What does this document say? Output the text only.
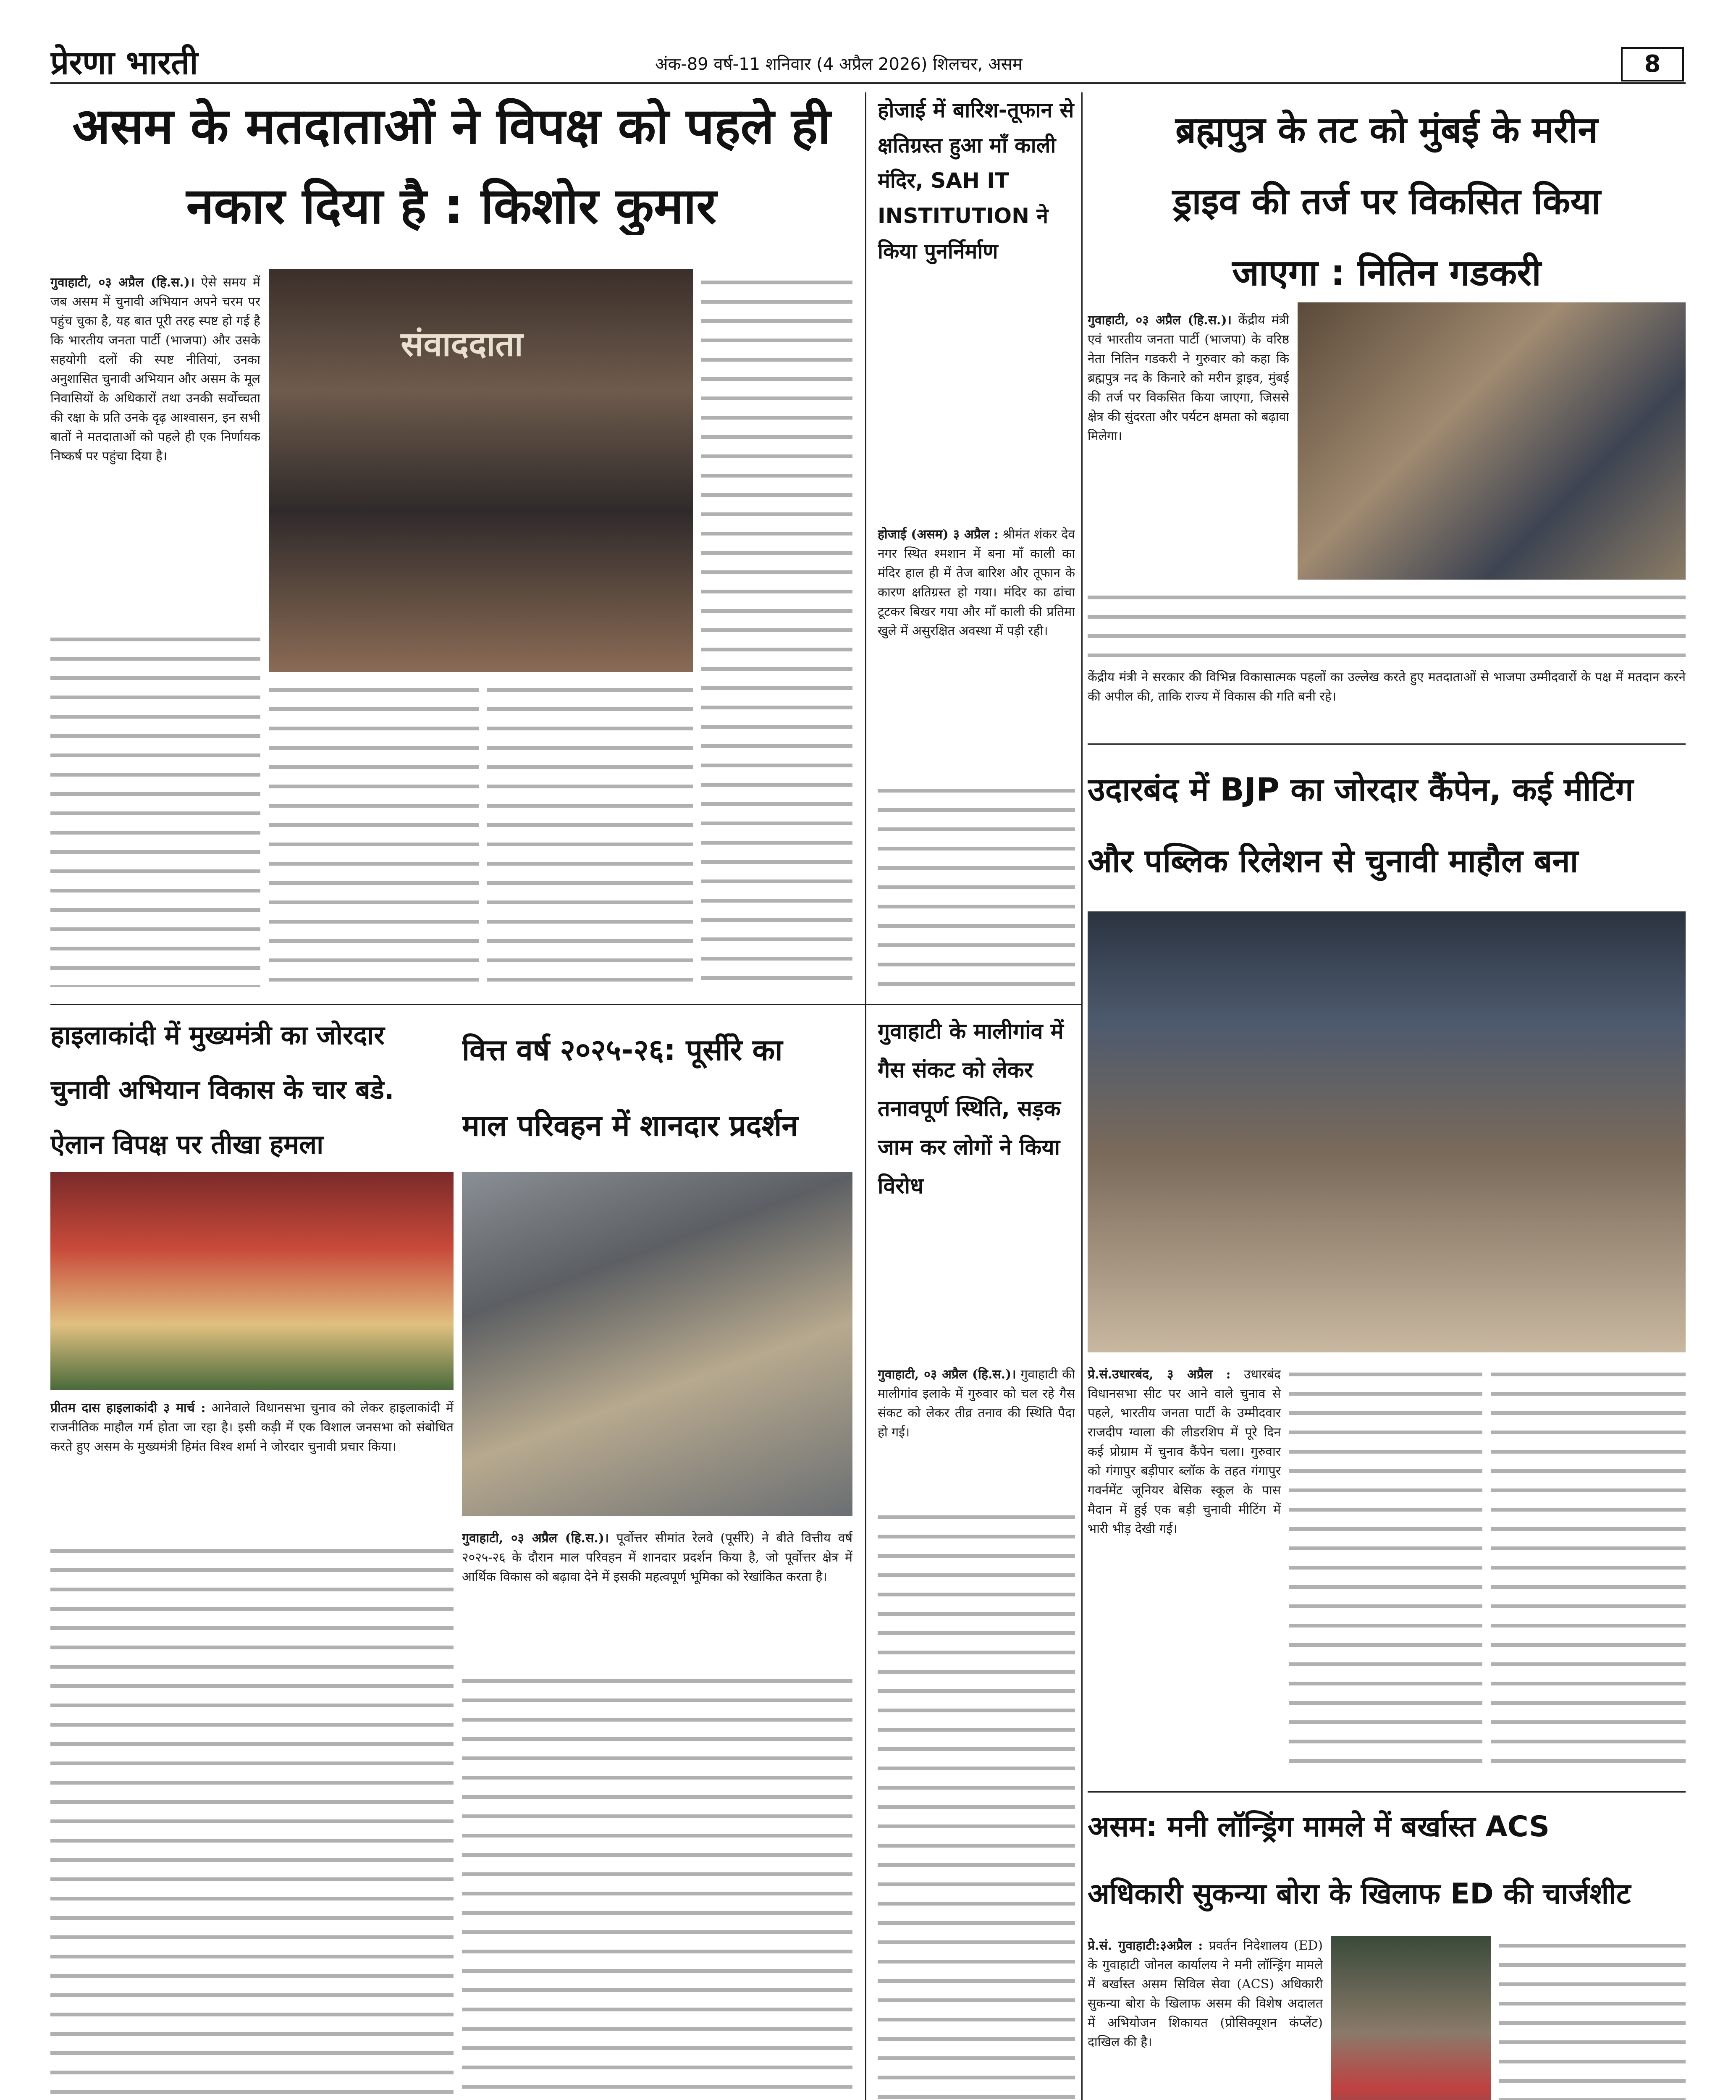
प्रेरणा भारती	अंक-89 वर्ष-11 शनिवार (4 अप्रैल 2026) शिलचर, असम	8
असम के मतदाताओं ने विपक्ष को पहले ही
नकार दिया है : किशोर कुमार
गुवाहाटी, ०३ अप्रैल (हि.स.)। ऐसे समय में जब असम में चुनावी अभियान अपने चरम पर पहुंच चुका है, यह बात पूरी तरह स्पष्ट हो गई है कि भारतीय जनता पार्टी (भाजपा) और उसके सहयोगी दलों की स्पष्ट नीतियां, उनका अनुशासित चुनावी अभियान और असम के मूल निवासियों के अधिकारों तथा उनकी सर्वोच्चता की रक्षा के प्रति उनके दृढ़ आश्वासन, इन सभी बातों ने मतदाताओं को पहले ही एक निर्णायक निष्कर्ष पर पहुंचा दिया है।
संवाददाता
होजाई में बारिश-तूफान से क्षतिग्रस्त हुआ माँ काली मंदिर, SAH IT INSTITUTION ने किया पुनर्निर्माण
होजाई (असम) ३ अप्रैल : श्रीमंत शंकर देव नगर स्थित श्मशान में बना माँ काली का मंदिर हाल ही में तेज बारिश और तूफान के कारण क्षतिग्रस्त हो गया। मंदिर का ढांचा टूटकर बिखर गया और माँ काली की प्रतिमा खुले में असुरक्षित अवस्था में पड़ी रही।
ब्रह्मपुत्र के तट को मुंबई के मरीन
ड्राइव की तर्ज पर विकसित किया
जाएगा : नितिन गडकरी
गुवाहाटी, ०३ अप्रैल (हि.स.)। केंद्रीय मंत्री एवं भारतीय जनता पार्टी (भाजपा) के वरिष्ठ नेता नितिन गडकरी ने गुरुवार को कहा कि ब्रह्मपुत्र नद के किनारे को मरीन ड्राइव, मुंबई की तर्ज पर विकसित किया जाएगा, जिससे क्षेत्र की सुंदरता और पर्यटन क्षमता को बढ़ावा मिलेगा।
केंद्रीय मंत्री ने सरकार की विभिन्न विकासात्मक पहलों का उल्लेख करते हुए मतदाताओं से भाजपा उम्मीदवारों के पक्ष में मतदान करने की अपील की, ताकि राज्य में विकास की गति बनी रहे।
उदारबंद में BJP का जोरदार कैंपेन, कई मीटिंग
और पब्लिक रिलेशन से चुनावी माहौल बना
प्रे.सं.उधारबंद, ३ अप्रैल : उधारबंद विधानसभा सीट पर आने वाले चुनाव से पहले, भारतीय जनता पार्टी के उम्मीदवार राजदीप ग्वाला की लीडरशिप में पूरे दिन कई प्रोग्राम में चुनाव कैंपेन चला। गुरुवार को गंगापुर बड़ीपार ब्लॉक के तहत गंगापुर गवर्नमेंट जूनियर बेसिक स्कूल के पास मैदान में हुई एक बड़ी चुनावी मीटिंग में भारी भीड़ देखी गई।
हाइलाकांदी में मुख्यमंत्री का जोरदार
चुनावी अभियान विकास के चार बडे.
ऐलान विपक्ष पर तीखा हमला
प्रीतम दास हाइलाकांदी ३ मार्च : आनेवाले विधानसभा चुनाव को लेकर हाइलाकांदी में राजनीतिक माहौल गर्म होता जा रहा है। इसी कड़ी में एक विशाल जनसभा को संबोधित करते हुए असम के मुख्यमंत्री हिमंत विश्व शर्मा ने जोरदार चुनावी प्रचार किया।
वित्त वर्ष २०२५-२६: पूर्सीरे का
माल परिवहन में शानदार प्रदर्शन
गुवाहाटी, ०३ अप्रैल (हि.स.)। पूर्वोत्तर सीमांत रेलवे (पूर्सीरे) ने बीते वित्तीय वर्ष २०२५-२६ के दौरान माल परिवहन में शानदार प्रदर्शन किया है, जो पूर्वोत्तर क्षेत्र में आर्थिक विकास को बढ़ावा देने में इसकी महत्वपूर्ण भूमिका को रेखांकित करता है।
गुवाहाटी के मालीगांव में गैस संकट को लेकर तनावपूर्ण स्थिति, सड़क जाम कर लोगों ने किया विरोध
गुवाहाटी, ०३ अप्रैल (हि.स.)। गुवाहाटी की मालीगांव इलाके में गुरुवार को चल रहे गैस संकट को लेकर तीव्र तनाव की स्थिति पैदा हो गई।
असम: मनी लॉन्ड्रिंग मामले में बर्खास्त ACS
अधिकारी सुकन्या बोरा के खिलाफ ED की चार्जशीट
प्रे.सं. गुवाहाटी:३अप्रैल : प्रवर्तन निदेशालय (ED) के गुवाहाटी जोनल कार्यालय ने मनी लॉन्ड्रिंग मामले में बर्खास्त असम सिविल सेवा (ACS) अधिकारी सुकन्या बोरा के खिलाफ असम की विशेष अदालत में अभियोजन शिकायत (प्रोसिक्यूशन कंप्लेंट) दाखिल की है।
